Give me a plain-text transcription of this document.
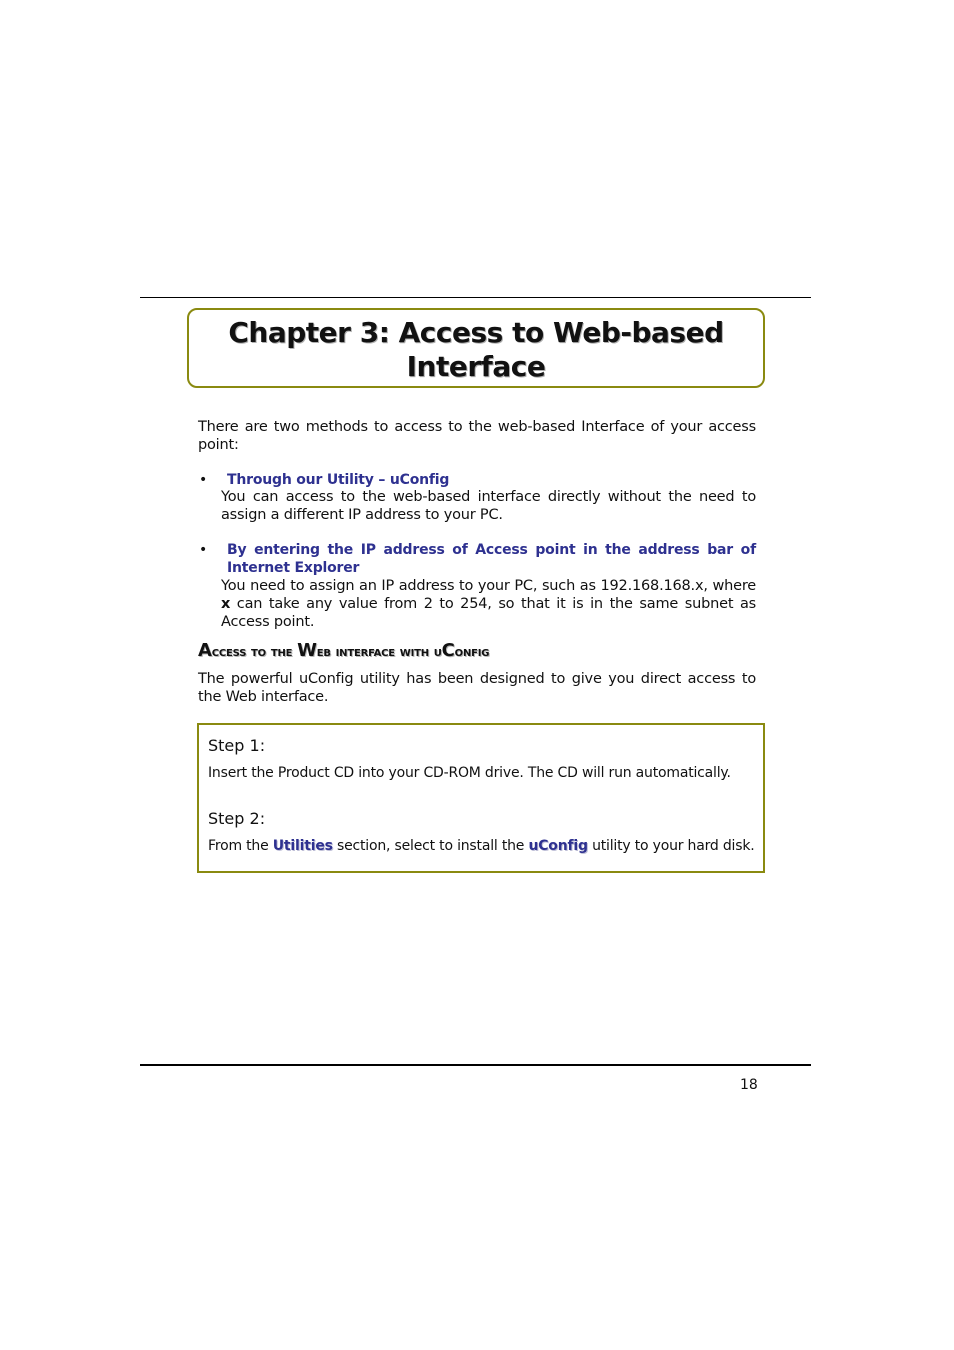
Chapter 3: Access to Web-based
Interface
There are two methods to access to the web-based Interface of your access point:
• Through our Utility – uConfig
You can access to the web-based interface directly without the need to assign a different IP address to your PC.
• By entering the IP address of Access point in the address bar of Internet Explorer
You need to assign an IP address to your PC, such as 192.168.168.x, where x can take any value from 2 to 254, so that it is in the same subnet as Access point.
Access to the Web interface with uConfig
The powerful uConfig utility has been designed to give you direct access to the Web interface.
Step 1:
Insert the Product CD into your CD-ROM drive. The CD will run automatically.
Step 2:
From the Utilities section, select to install the uConfig utility to your hard disk.
18
